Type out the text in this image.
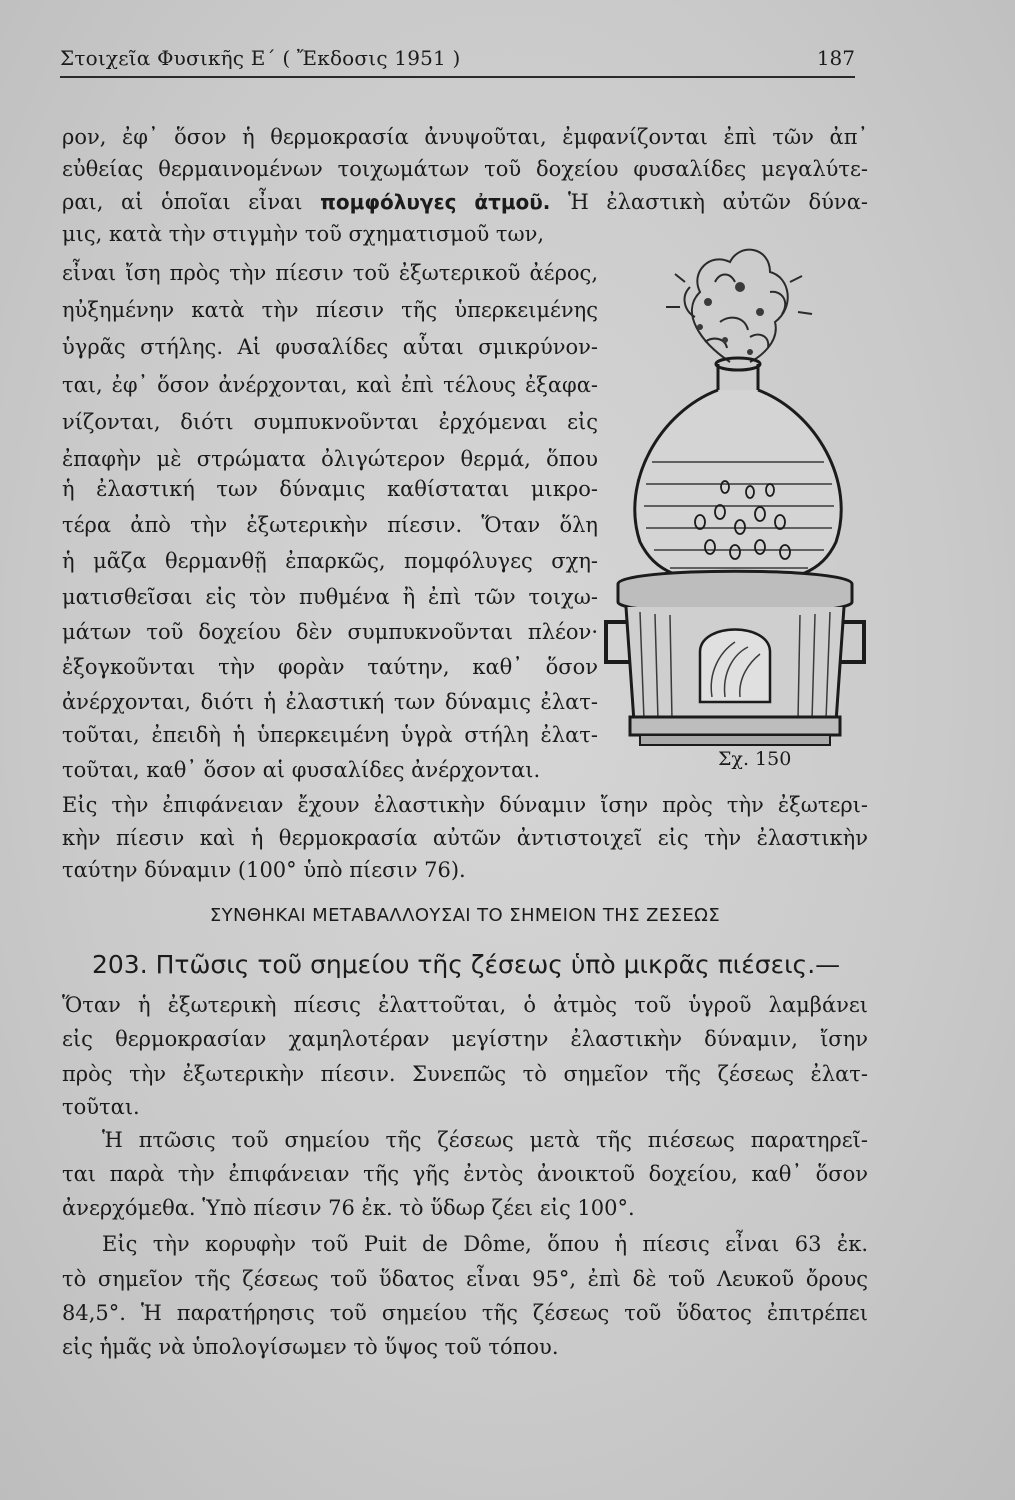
Στοιχεῖα Φυσικῆς Ε΄ ( Ἔκδοσις 1951 )	187
ρον, ἐφ᾽ ὅσον ἡ θερμοκρασία ἀνυψοῦται, ἐμφανίζονται ἐπὶ τῶν ἀπ᾽
εὐθείας θερμαινομένων τοιχωμάτων τοῦ δοχείου φυσαλίδες μεγαλύτε-
ραι, αἱ ὁποῖαι εἶναι πομφόλυγες ἀτμοῦ. Ἡ ἐλαστικὴ αὐτῶν δύνα-
μις, κατὰ τὴν στιγμὴν τοῦ σχηματισμοῦ των,
εἶναι ἴση πρὸς τὴν πίεσιν τοῦ ἐξωτερικοῦ ἀέρος,
ηὐξημένην κατὰ τὴν πίεσιν τῆς ὑπερκειμένης
ὑγρᾶς στήλης. Αἱ φυσαλίδες αὗται σμικρύνον-
ται, ἐφ᾽ ὅσον ἀνέρχονται, καὶ ἐπὶ τέλους ἐξαφα-
νίζονται, διότι συμπυκνοῦνται ἐρχόμεναι εἰς
ἐπαφὴν μὲ στρώματα ὀλιγώτερον θερμά, ὅπου
ἡ ἐλαστική των δύναμις καθίσταται μικρο-
τέρα ἀπὸ τὴν ἐξωτερικὴν πίεσιν. Ὅταν ὅλη
ἡ μᾶζα θερμανθῇ ἐπαρκῶς, πομφόλυγες σχη-
ματισθεῖσαι εἰς τὸν πυθμένα ἢ ἐπὶ τῶν τοιχω-
μάτων τοῦ δοχείου δὲν συμπυκνοῦνται πλέον·
ἐξογκοῦνται τὴν φορὰν ταύτην, καθ᾽ ὅσον
ἀνέρχονται, διότι ἡ ἐλαστική των δύναμις ἐλατ-
τοῦται, ἐπειδὴ ἡ ὑπερκειμένη ὑγρὰ στήλη ἐλατ-
τοῦται, καθ᾽ ὅσον αἱ φυσαλίδες ἀνέρχονται.
Εἰς τὴν ἐπιφάνειαν ἔχουν ἐλαστικὴν δύναμιν ἴσην πρὸς τὴν ἐξωτερι-
κὴν πίεσιν καὶ ἡ θερμοκρασία αὐτῶν ἀντιστοιχεῖ εἰς τὴν ἐλαστικὴν
ταύτην δύναμιν (100° ὑπὸ πίεσιν 76).
Σχ. 150
ΣΥΝΘΗΚΑΙ ΜΕΤΑΒΑΛΛΟΥΣΑΙ ΤΟ ΣΗΜΕΙΟΝ ΤΗΣ ΖΕΣΕΩΣ
203. Πτῶσις τοῦ σημείου τῆς ζέσεως ὑπὸ μικρᾶς πιέσεις.—
Ὅταν ἡ ἐξωτερικὴ πίεσις ἐλαττοῦται, ὁ ἀτμὸς τοῦ ὑγροῦ λαμβάνει
εἰς θερμοκρασίαν χαμηλοτέραν μεγίστην ἐλαστικὴν δύναμιν, ἴσην
πρὸς τὴν ἐξωτερικὴν πίεσιν. Συνεπῶς τὸ σημεῖον τῆς ζέσεως ἐλατ-
τοῦται.
Ἡ πτῶσις τοῦ σημείου τῆς ζέσεως μετὰ τῆς πιέσεως παρατηρεῖ-
ται παρὰ τὴν ἐπιφάνειαν τῆς γῆς ἐντὸς ἀνοικτοῦ δοχείου, καθ᾽ ὅσον
ἀνερχόμεθα. Ὑπὸ πίεσιν 76 ἐκ. τὸ ὕδωρ ζέει εἰς 100°.
Εἰς τὴν κορυφὴν τοῦ Puit de Dôme, ὅπου ἡ πίεσις εἶναι 63 ἐκ.
τὸ σημεῖον τῆς ζέσεως τοῦ ὕδατος εἶναι 95°, ἐπὶ δὲ τοῦ Λευκοῦ ὄρους
84,5°. Ἡ παρατήρησις τοῦ σημείου τῆς ζέσεως τοῦ ὕδατος ἐπιτρέπει
εἰς ἡμᾶς νὰ ὑπολογίσωμεν τὸ ὕψος τοῦ τόπου.
